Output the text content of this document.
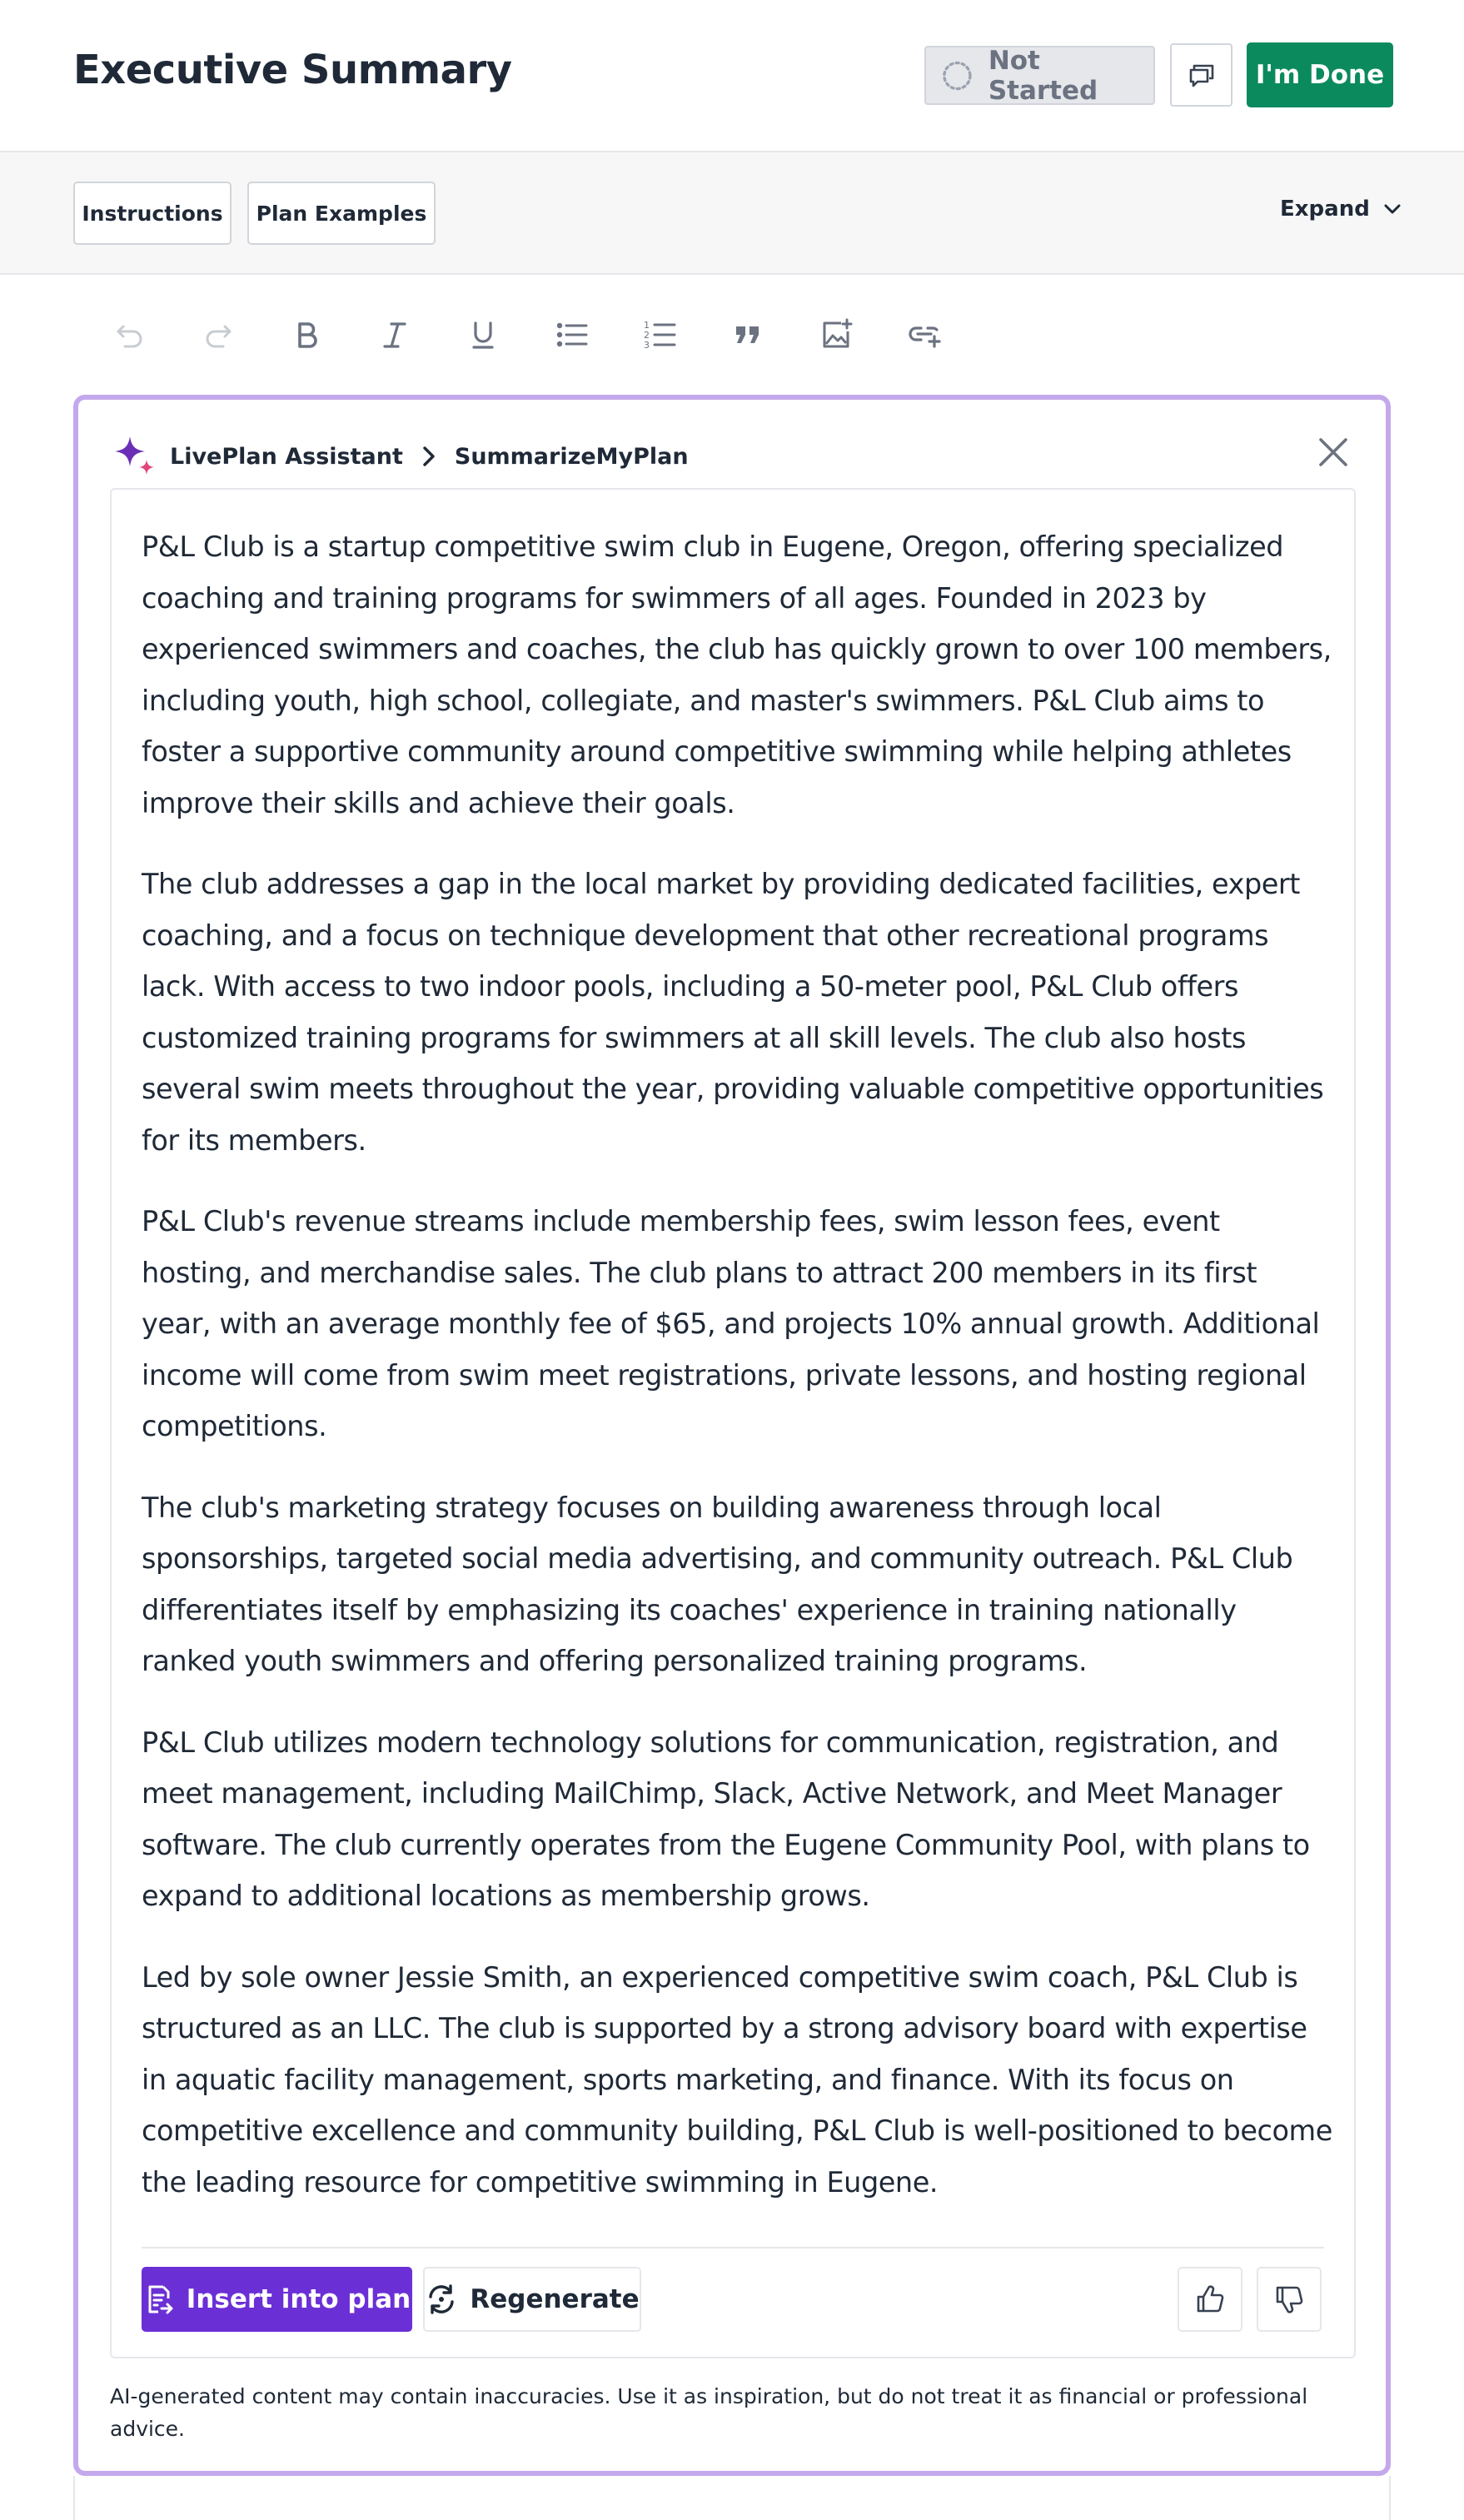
Executive Summary	Not Started
I'm Done
Instructions	Plan Examples	Expand
1
2
3
LivePlan Assistant SummarizeMyPlan

P&L Club is a startup competitive swim club in Eugene, Oregon, offering specialized coaching and training programs for swimmers of all ages. Founded in 2023 by experienced swimmers and coaches, the club has quickly grown to over 100 members, including youth, high school, collegiate, and master's swimmers. P&L Club aims to foster a supportive community around competitive swimming while helping athletes improve their skills and achieve their goals.

The club addresses a gap in the local market by providing dedicated facilities, expert coaching, and a focus on technique development that other recreational programs lack. With access to two indoor pools, including a 50-meter pool, P&L Club offers customized training programs for swimmers at all skill levels. The club also hosts several swim meets throughout the year, providing valuable competitive opportunities for its members.

P&L Club's revenue streams include membership fees, swim lesson fees, event hosting, and merchandise sales. The club plans to attract 200 members in its first year, with an average monthly fee of $65, and projects 10% annual growth. Additional income will come from swim meet registrations, private lessons, and hosting regional competitions.

The club's marketing strategy focuses on building awareness through local sponsorships, targeted social media advertising, and community outreach. P&L Club differentiates itself by emphasizing its coaches' experience in training nationally ranked youth swimmers and offering personalized training programs.

P&L Club utilizes modern technology solutions for communication, registration, and meet management, including MailChimp, Slack, Active Network, and Meet Manager software. The club currently operates from the Eugene Community Pool, with plans to expand to additional locations as membership grows.

Led by sole owner Jessie Smith, an experienced competitive swim coach, P&L Club is structured as an LLC. The club is supported by a strong advisory board with expertise in aquatic facility management, sports marketing, and finance. With its focus on competitive excellence and community building, P&L Club is well-positioned to become the leading resource for competitive swimming in Eugene.

Insert into plan Regenerate
AI-generated content may contain inaccuracies. Use it as inspiration, but do not treat it as financial or professional advice.
